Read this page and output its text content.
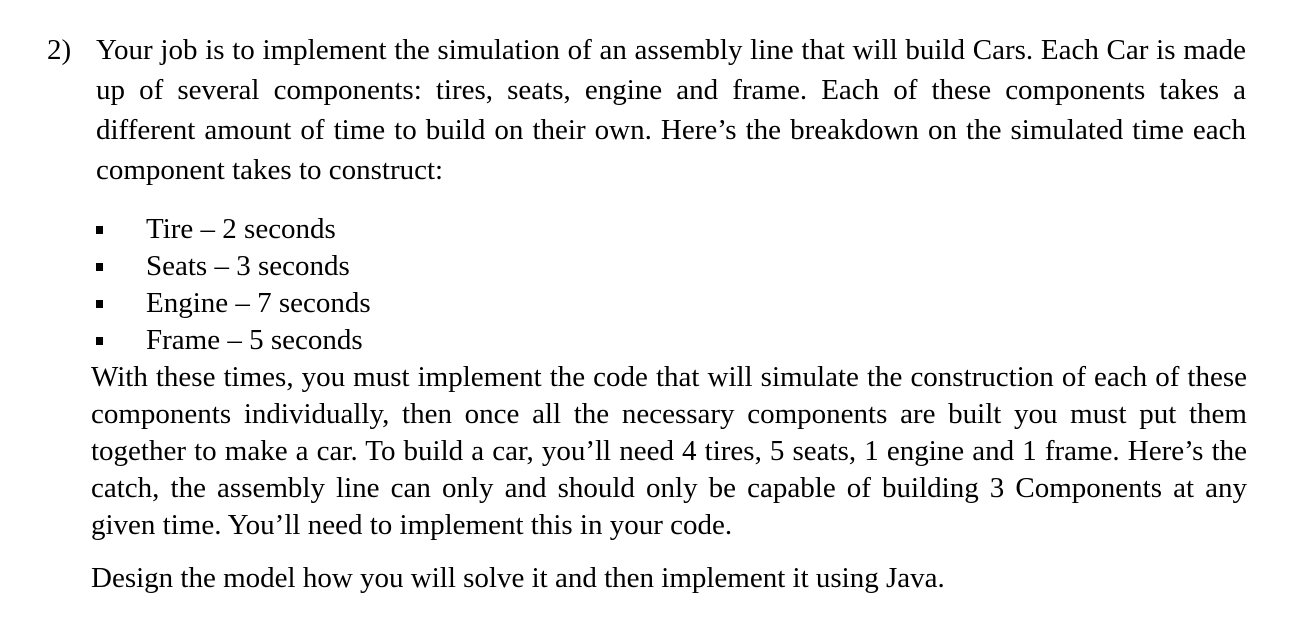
2) Your job is to implement the simulation of an assembly line that will build Cars. Each Car is made up of several components: tires, seats, engine and frame. Each of these components takes a different amount of time to build on their own. Here’s the breakdown on the simulated time each component takes to construct:

Tire – 2 seconds
Seats – 3 seconds
Engine – 7 seconds
Frame – 5 seconds

With these times, you must implement the code that will simulate the construction of each of these components individually, then once all the necessary components are built you must put them together to make a car. To build a car, you’ll need 4 tires, 5 seats, 1 engine and 1 frame. Here’s the catch, the assembly line can only and should only be capable of building 3 Components at any given time. You’ll need to implement this in your code.

Design the model how you will solve it and then implement it using Java.
